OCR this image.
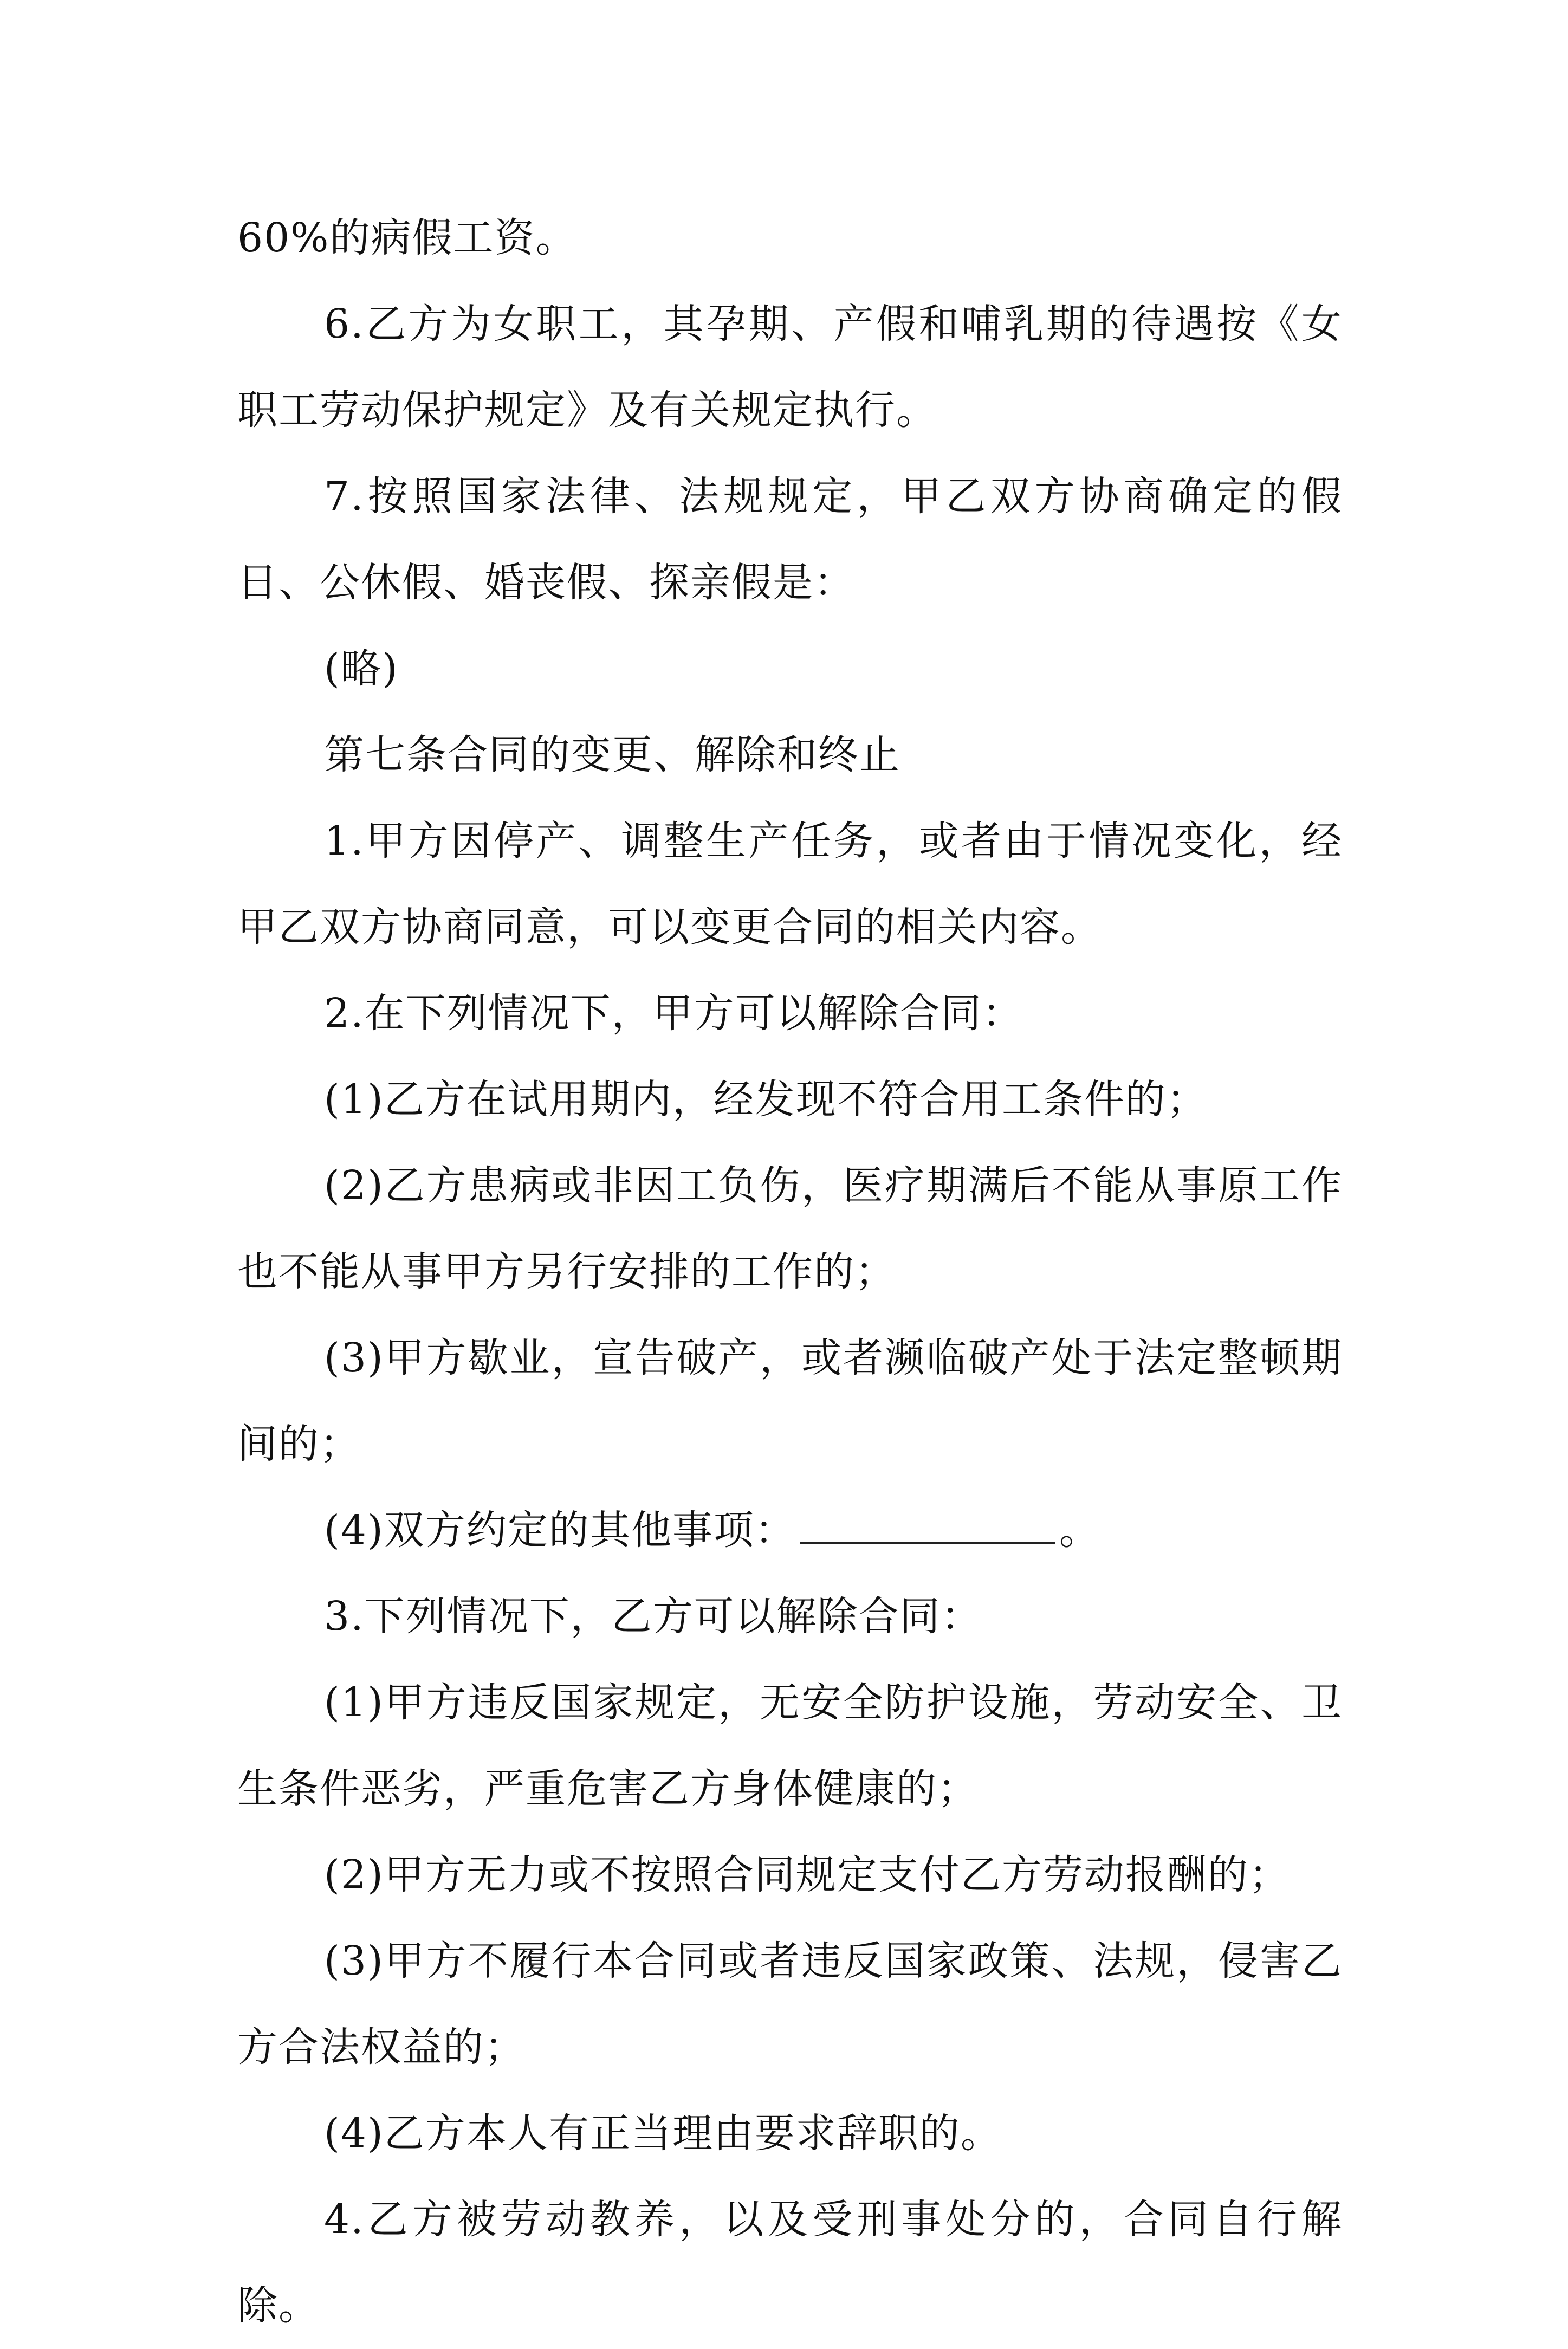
60%的病假工资。

6.乙方为女职工，其孕期、产假和哺乳期的待遇按《女职工劳动保护规定》及有关规定执行。

7.按照国家法律、法规规定，甲乙双方协商确定的假日、公休假、婚丧假、探亲假是：

(略)

第七条合同的变更、解除和终止

1.甲方因停产、调整生产任务，或者由于情况变化，经甲乙双方协商同意，可以变更合同的相关内容。

2.在下列情况下，甲方可以解除合同：

(1)乙方在试用期内，经发现不符合用工条件的；

(2)乙方患病或非因工负伤，医疗期满后不能从事原工作也不能从事甲方另行安排的工作的；

(3)甲方歇业，宣告破产，或者濒临破产处于法定整顿期间的；

(4)双方约定的其他事项：	。

3.下列情况下，乙方可以解除合同：

(1)甲方违反国家规定，无安全防护设施，劳动安全、卫生条件恶劣，严重危害乙方身体健康的；

(2)甲方无力或不按照合同规定支付乙方劳动报酬的；

(3)甲方不履行本合同或者违反国家政策、法规，侵害乙方合法权益的；

(4)乙方本人有正当理由要求辞职的。

4.乙方被劳动教养，以及受刑事处分的，合同自行解除。
